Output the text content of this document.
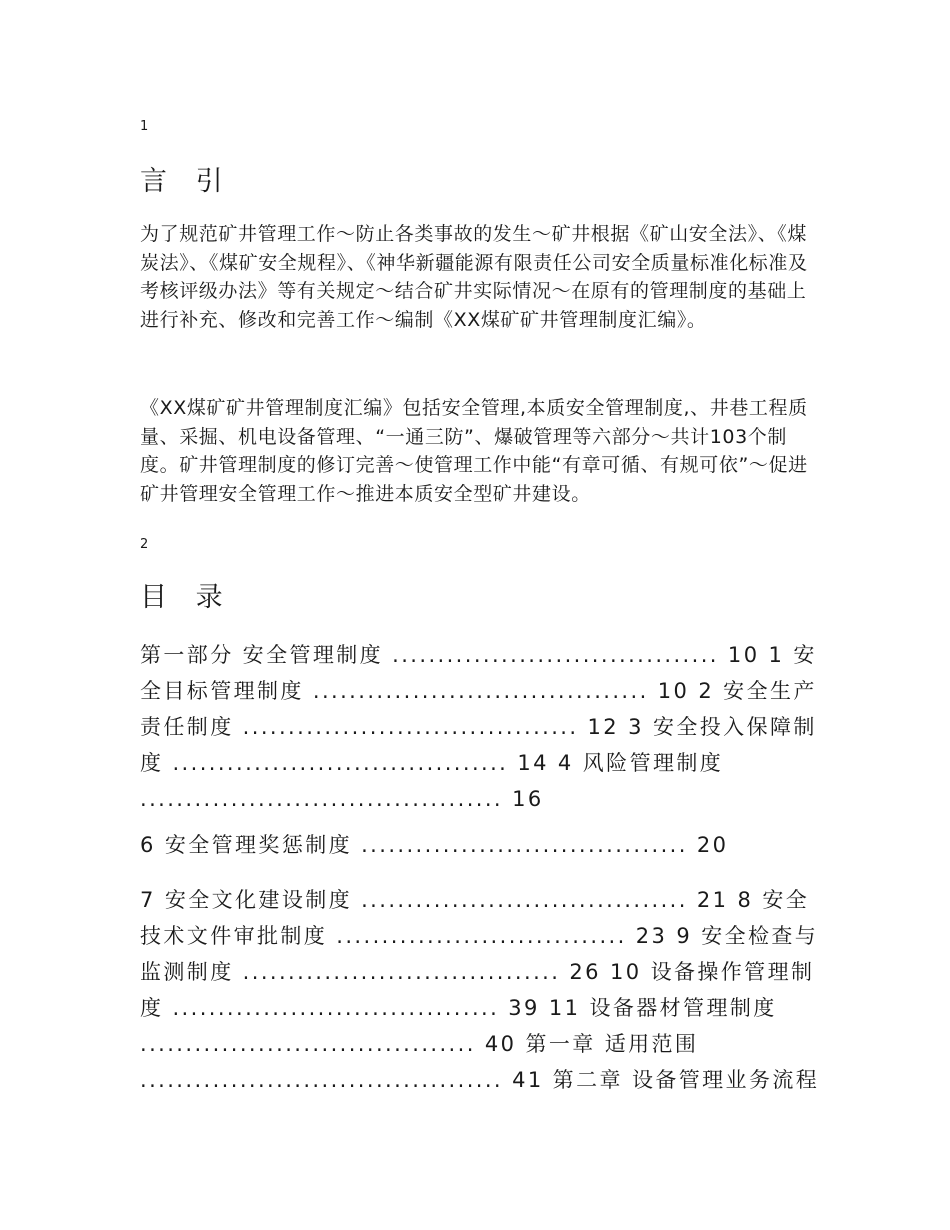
1
言 引
为了规范矿井管理工作～防止各类事故的发生～矿井根据《矿山安全法》、《煤炭法》、《煤矿安全规程》、《神华新疆能源有限责任公司安全质量标准化标准及考核评级办法》等有关规定～结合矿井实际情况～在原有的管理制度的基础上进行补充、修改和完善工作～编制《XX煤矿矿井管理制度汇编》。
《XX煤矿矿井管理制度汇编》包括安全管理,本质安全管理制度,、井巷工程质量、采掘、机电设备管理、“一通三防”、爆破管理等六部分～共计103个制度。矿井管理制度的修订完善～使管理工作中能“有章可循、有规可依”～促进矿井管理安全管理工作～推进本质安全型矿井建设。
2
目 录
第一部分 安全管理制度 .................................... 10 1 安全目标管理制度 ..................................... 10 2 安全生产责任制度 ..................................... 12 3 安全投入保障制度 ..................................... 14 4 风险管理制度 ........................................ 16
6 安全管理奖惩制度 .................................... 20
7 安全文化建设制度 .................................... 21 8 安全技术文件审批制度 ................................ 23 9 安全检查与监测制度 ................................... 26 10 设备操作管理制度 .................................... 39 11 设备器材管理制度 ..................................... 40 第一章 适用范围 ........................................ 41 第二章 设备管理业务流程
